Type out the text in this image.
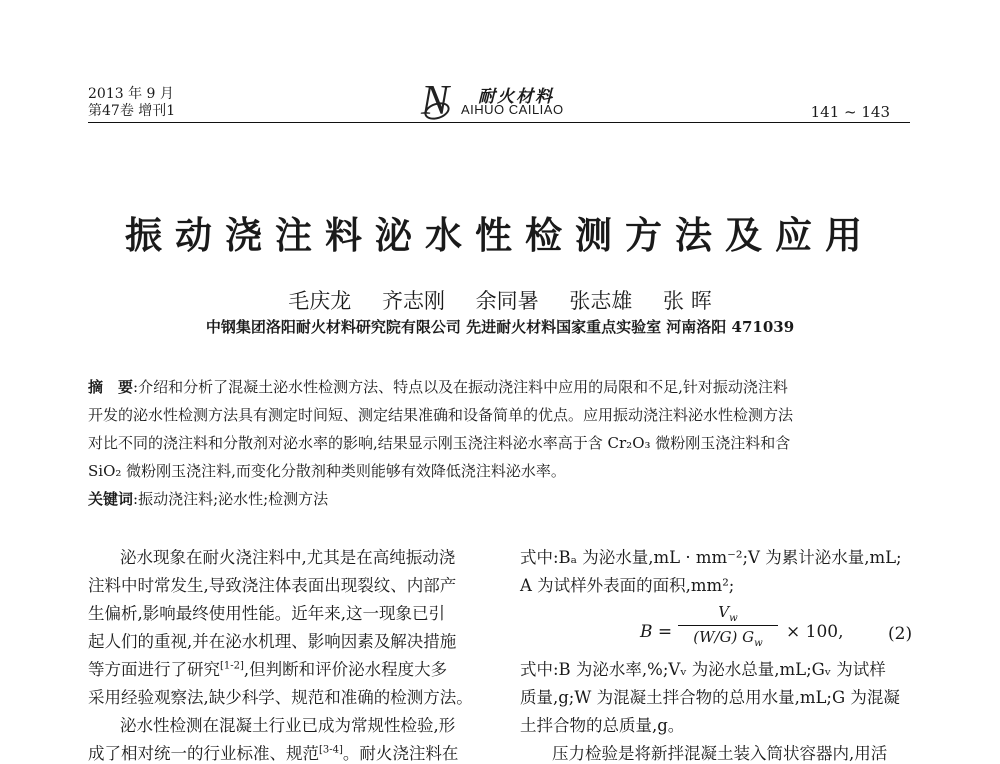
2013 年 9 月
第47卷 增刊1	N 耐火材料
AIHUO CAILIAO	141 ~ 143
振动浇注料泌水性检测方法及应用
毛庆龙 齐志刚 余同暑 张志雄 张 晖
中钢集团洛阳耐火材料研究院有限公司 先进耐火材料国家重点实验室 河南洛阳 471039
摘　要:介绍和分析了混凝土泌水性检测方法、特点以及在振动浇注料中应用的局限和不足,针对振动浇注料
开发的泌水性检测方法具有测定时间短、测定结果准确和设备简单的优点。应用振动浇注料泌水性检测方法
对比不同的浇注料和分散剂对泌水率的影响,结果显示刚玉浇注料泌水率高于含 Cr₂O₃ 微粉刚玉浇注料和含
SiO₂ 微粉刚玉浇注料,而变化分散剂种类则能够有效降低浇注料泌水率。
关键词:振动浇注料;泌水性;检测方法
泌水现象在耐火浇注料中,尤其是在高纯振动浇
注料中时常发生,导致浇注体表面出现裂纹、内部产
生偏析,影响最终使用性能。近年来,这一现象已引
起人们的重视,并在泌水机理、影响因素及解决措施
等方面进行了研究[1-2],但判断和评价泌水程度大多
采用经验观察法,缺少科学、规范和准确的检测方法。
泌水性检测在混凝土行业已成为常规性检验,形
成了相对统一的行业标准、规范[3-4]。耐火浇注料在
式中:Bₐ 为泌水量,mL · mm⁻²;V 为累计泌水量,mL;
A 为试样外表面的面积,mm²;
B =
$V_w$
(W/G) $G_w$
× 100,	(2)
式中:B 为泌水率,%;Vᵥ 为泌水总量,mL;Gᵥ 为试样
质量,g;W 为混凝土拌合物的总用水量,mL;G 为混凝
土拌合物的总质量,g。
压力检验是将新拌混凝土装入筒状容器内,用活
